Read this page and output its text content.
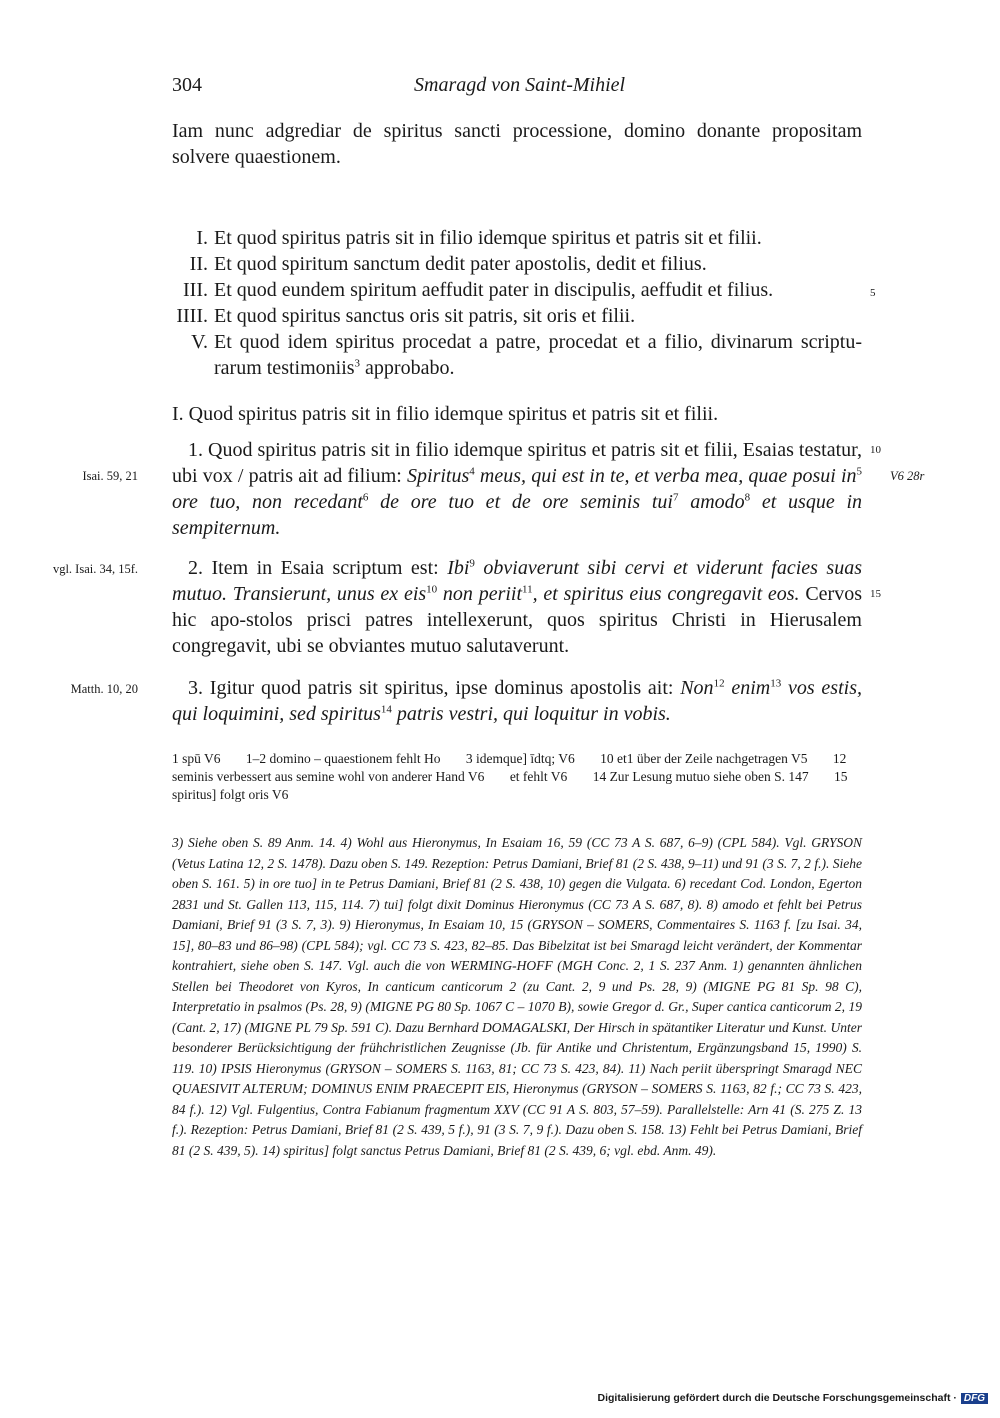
304	Smaragd von Saint-Mihiel
Iam nunc adgrediar de spiritus sancti processione, domino donante propositam solvere quaestionem.
I. Et quod spiritus patris sit in filio idemque spiritus et patris sit et filii.
II. Et quod spiritum sanctum dedit pater apostolis, dedit et filius.
III. Et quod eundem spiritum aeffudit pater in discipulis, aeffudit et filius.
IIII. Et quod spiritus sanctus oris sit patris, sit oris et filii.
V. Et quod idem spiritus procedat a patre, procedat et a filio, divinarum scriptu-rarum testimoniis$^3$ approbabo.
5
I. Quod spiritus patris sit in filio idemque spiritus et patris sit et filii.

1. Quod spiritus patris sit in filio idemque spiritus et patris sit et filii, Esaias testatur, ubi vox / patris ait ad filium: Spiritus$^4$ meus, qui est in te, et verba mea, quae posui $in^5$ ore tuo, non recedant$^6$ de ore tuo et de ore seminis tui$^7$ amodo$^8$ et usque in sempiternum.

10
Isai. 59, 21	V6 28r

2. Item in Esaia scriptum est: Ibi$^9$ obviaverunt sibi cervi et viderunt facies suas mutuo. Transierunt, unus ex eis$^{10}$ non periit$^{11}$, et spiritus eius congregavit eos. Cervos hic apo-stolos prisci patres intellexerunt, quos spiritus Christi in Hierusalem congregavit, ubi se obviantes mutuo salutaverunt.

vgl. Isai. 34, 15f.
15

3. Igitur quod patris sit spiritus, ipse dominus apostolis ait: Non$^{12}$ enim$^{13}$ vos estis, qui loquimini, sed spiritus$^{14}$ patris vestri, qui loquitur in vobis.

Matth. 10, 20
1 spū V6 1–2 domino – quaestionem fehlt Ho 3 idemque] īdtq; V6 10 et1 über der Zeile nachgetragen V5 12 seminis verbessert aus semine wohl von anderer Hand V6 et fehlt V6 14 Zur Lesung mutuo siehe oben S. 147 15 spiritus] folgt oris V6
3) Siehe oben S. 89 Anm. 14. 4) Wohl aus Hieronymus, In Esaiam 16, 59 (CC 73 A S. 687, 6–9) (CPL 584). Vgl. GRYSON (Vetus Latina 12, 2 S. 1478). Dazu oben S. 149. Rezeption: Petrus Damiani, Brief 81 (2 S. 438, 9–11) und 91 (3 S. 7, 2 f.). Siehe oben S. 161. 5) in ore tuo] in te Petrus Damiani, Brief 81 (2 S. 438, 10) gegen die Vulgata. 6) recedant Cod. London, Egerton 2831 und St. Gallen 113, 115, 114. 7) tui] folgt dixit Dominus Hieronymus (CC 73 A S. 687, 8). 8) amodo et fehlt bei Petrus Damiani, Brief 91 (3 S. 7, 3). 9) Hieronymus, In Esaiam 10, 15 (GRYSON – SOMERS, Commentaires S. 1163 f. [zu Isai. 34, 15], 80–83 und 86–98) (CPL 584); vgl. CC 73 S. 423, 82–85. Das Bibelzitat ist bei Smaragd leicht verändert, der Kommentar kontrahiert, siehe oben S. 147. Vgl. auch die von WERMING-HOFF (MGH Conc. 2, 1 S. 237 Anm. 1) genannten ähnlichen Stellen bei Theodoret von Kyros, In canticum canticorum 2 (zu Cant. 2, 9 und Ps. 28, 9) (MIGNE PG 81 Sp. 98 C), Interpretatio in psalmos (Ps. 28, 9) (MIGNE PG 80 Sp. 1067 C – 1070 B), sowie Gregor d. Gr., Super cantica canticorum 2, 19 (Cant. 2, 17) (MIGNE PL 79 Sp. 591 C). Dazu Bernhard DOMAGALSKI, Der Hirsch in spätantiker Literatur und Kunst. Unter besonderer Berücksichtigung der frühchristlichen Zeugnisse (Jb. für Antike und Christentum, Ergänzungsband 15, 1990) S. 119. 10) IPSIS Hieronymus (GRYSON – SOMERS S. 1163, 81; CC 73 S. 423, 84). 11) Nach periit überspringt Smaragd NEC QUAESIVIT ALTERUM; DOMINUS ENIM PRAECEPIT EIS, Hieronymus (GRYSON – SOMERS S. 1163, 82 f.; CC 73 S. 423, 84 f.). 12) Vgl. Fulgentius, Contra Fabianum fragmentum XXV (CC 91 A S. 803, 57–59). Parallelstelle: Arn 41 (S. 275 Z. 13 f.). Rezeption: Petrus Damiani, Brief 81 (2 S. 439, 5 f.), 91 (3 S. 7, 9 f.). Dazu oben S. 158. 13) Fehlt bei Petrus Damiani, Brief 81 (2 S. 439, 5). 14) spiritus] folgt sanctus Petrus Damiani, Brief 81 (2 S. 439, 6; vgl. ebd. Anm. 49).
Digitalisierung gefördert durch die Deutsche Forschungsgemeinschaft · DFG
